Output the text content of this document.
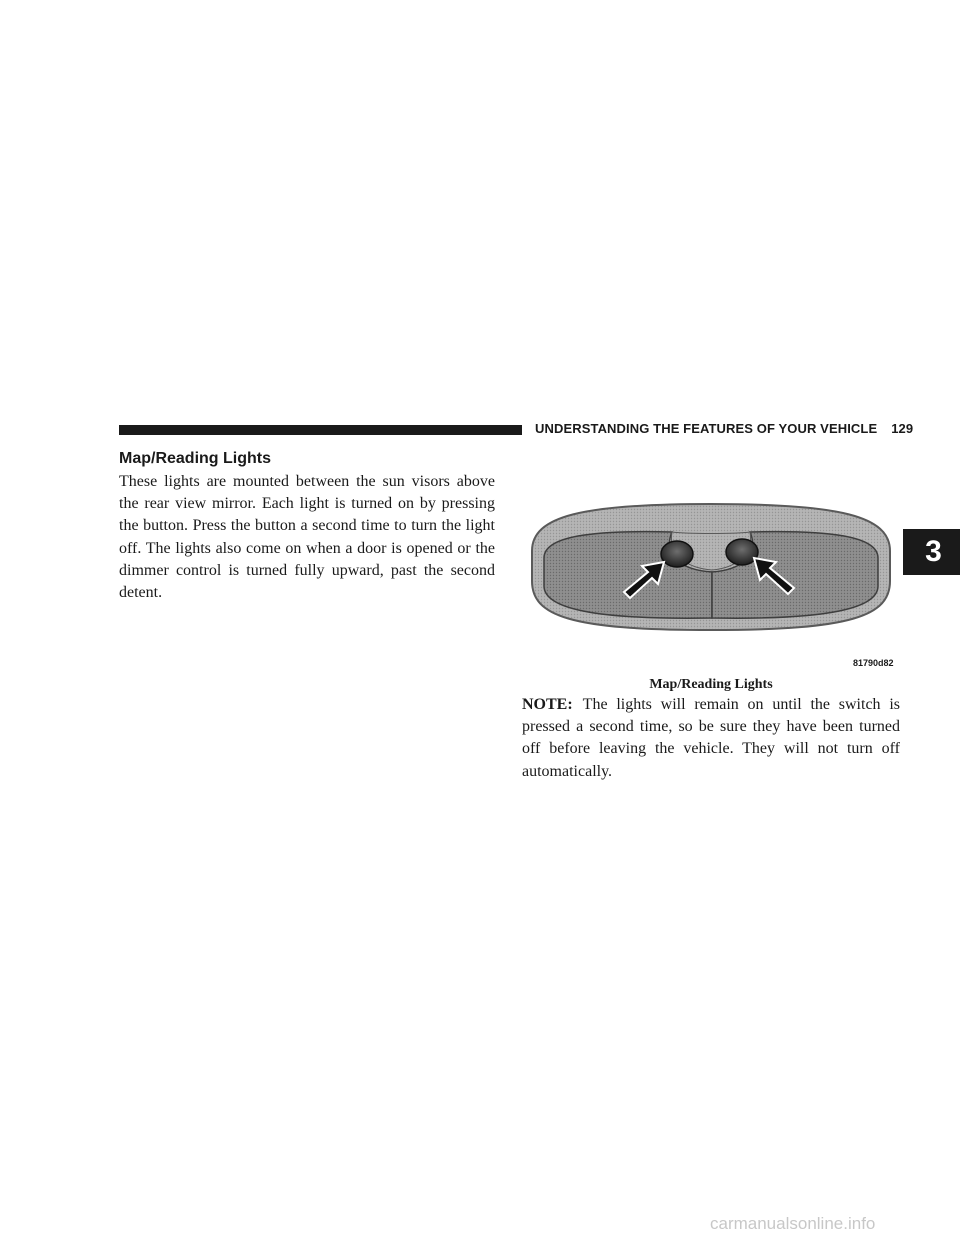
UNDERSTANDING THE FEATURES OF YOUR VEHICLE 129
3
Map/Reading Lights
These lights are mounted between the sun visors above the rear view mirror. Each light is turned on by pressing the button. Press the button a second time to turn the light off. The lights also come on when a door is opened or the dimmer control is turned fully upward, past the second detent.
81790d82
Map/Reading Lights
NOTE: The lights will remain on until the switch is pressed a second time, so be sure they have been turned off before leaving the vehicle. They will not turn off automatically.
carmanualsonline.info
